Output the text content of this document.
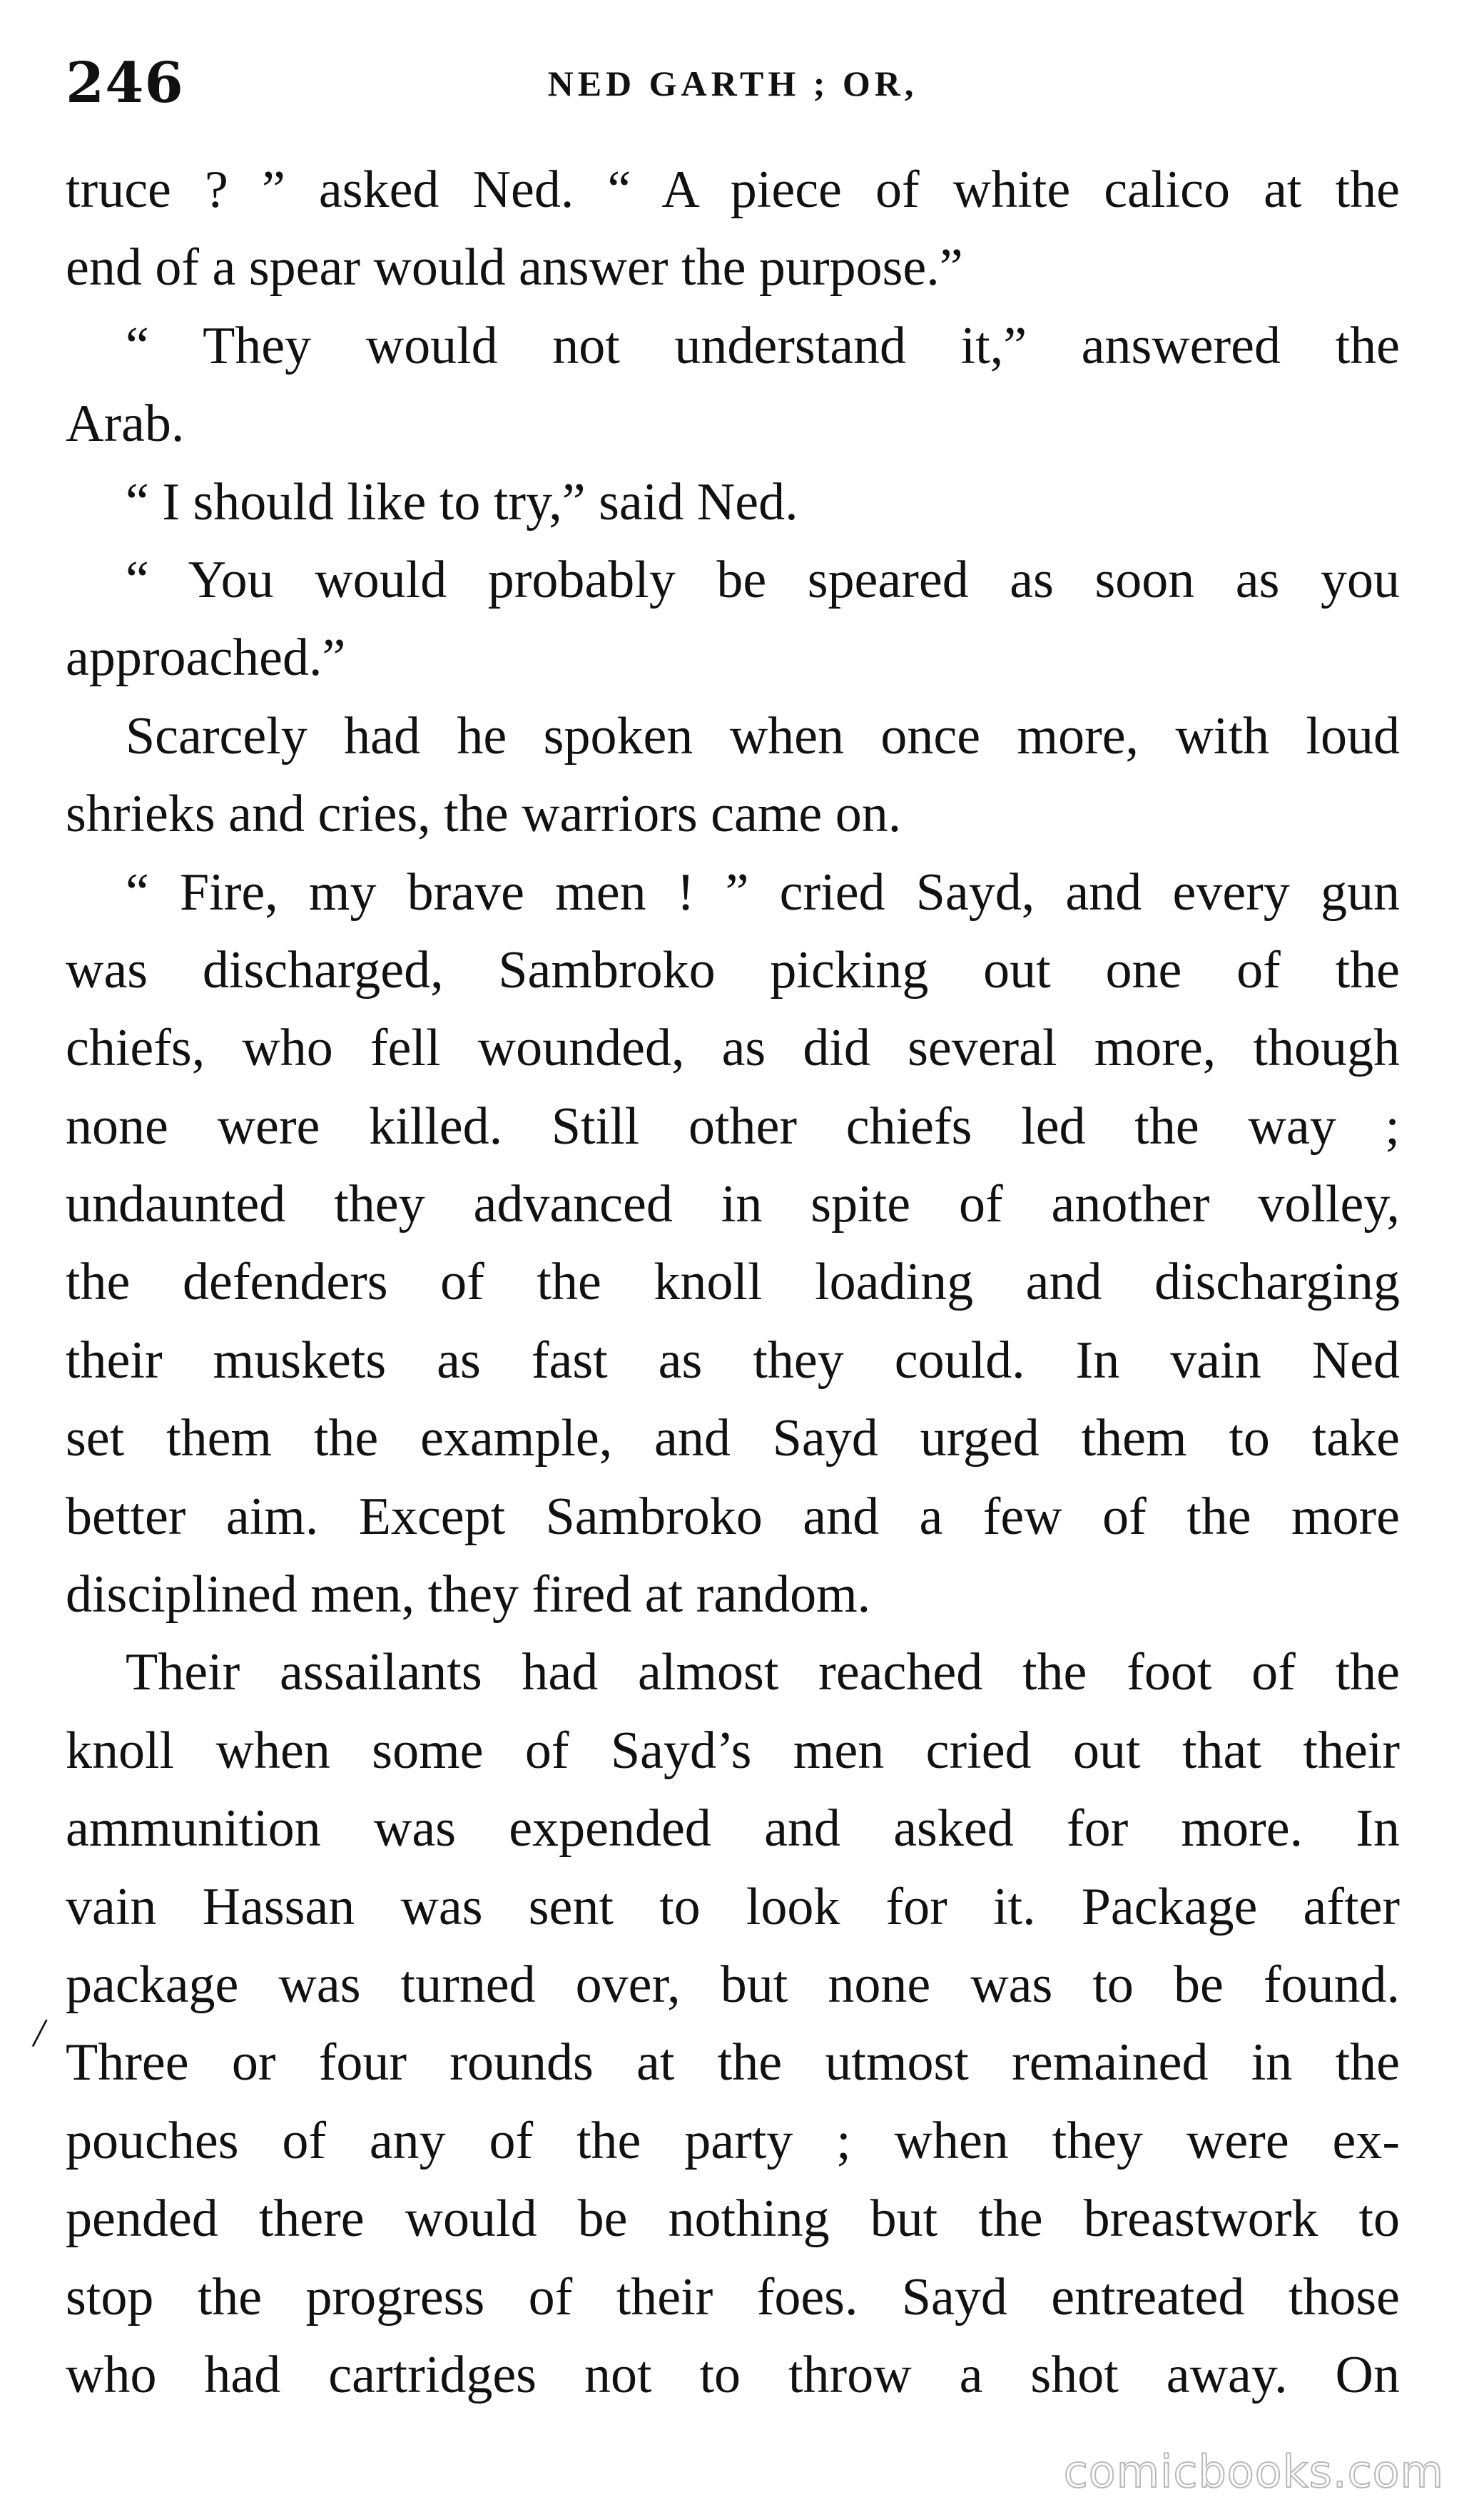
246	NED GARTH ; OR,
truce ? ” asked Ned. “ A piece of white calico at the
end of a spear would answer the purpose.”
“ They would not understand it,” answered the
Arab.
“ I should like to try,” said Ned.
“ You would probably be speared as soon as you
approached.”
Scarcely had he spoken when once more, with loud
shrieks and cries, the warriors came on.
“ Fire, my brave men ! ” cried Sayd, and every gun
was discharged, Sambroko picking out one of the
chiefs, who fell wounded, as did several more, though
none were killed. Still other chiefs led the way ;
undaunted they advanced in spite of another volley,
the defenders of the knoll loading and discharging
their muskets as fast as they could. In vain Ned
set them the example, and Sayd urged them to take
better aim. Except Sambroko and a few of the more
disciplined men, they fired at random.
Their assailants had almost reached the foot of the
knoll when some of Sayd’s men cried out that their
ammunition was expended and asked for more. In
vain Hassan was sent to look for it. Package after
package was turned over, but none was to be found.
Three or four rounds at the utmost remained in the
pouches of any of the party ; when they were ex-
pended there would be nothing but the breastwork to
stop the progress of their foes. Sayd entreated those
who had cartridges not to throw a shot away. On
/
comicbooks.com
